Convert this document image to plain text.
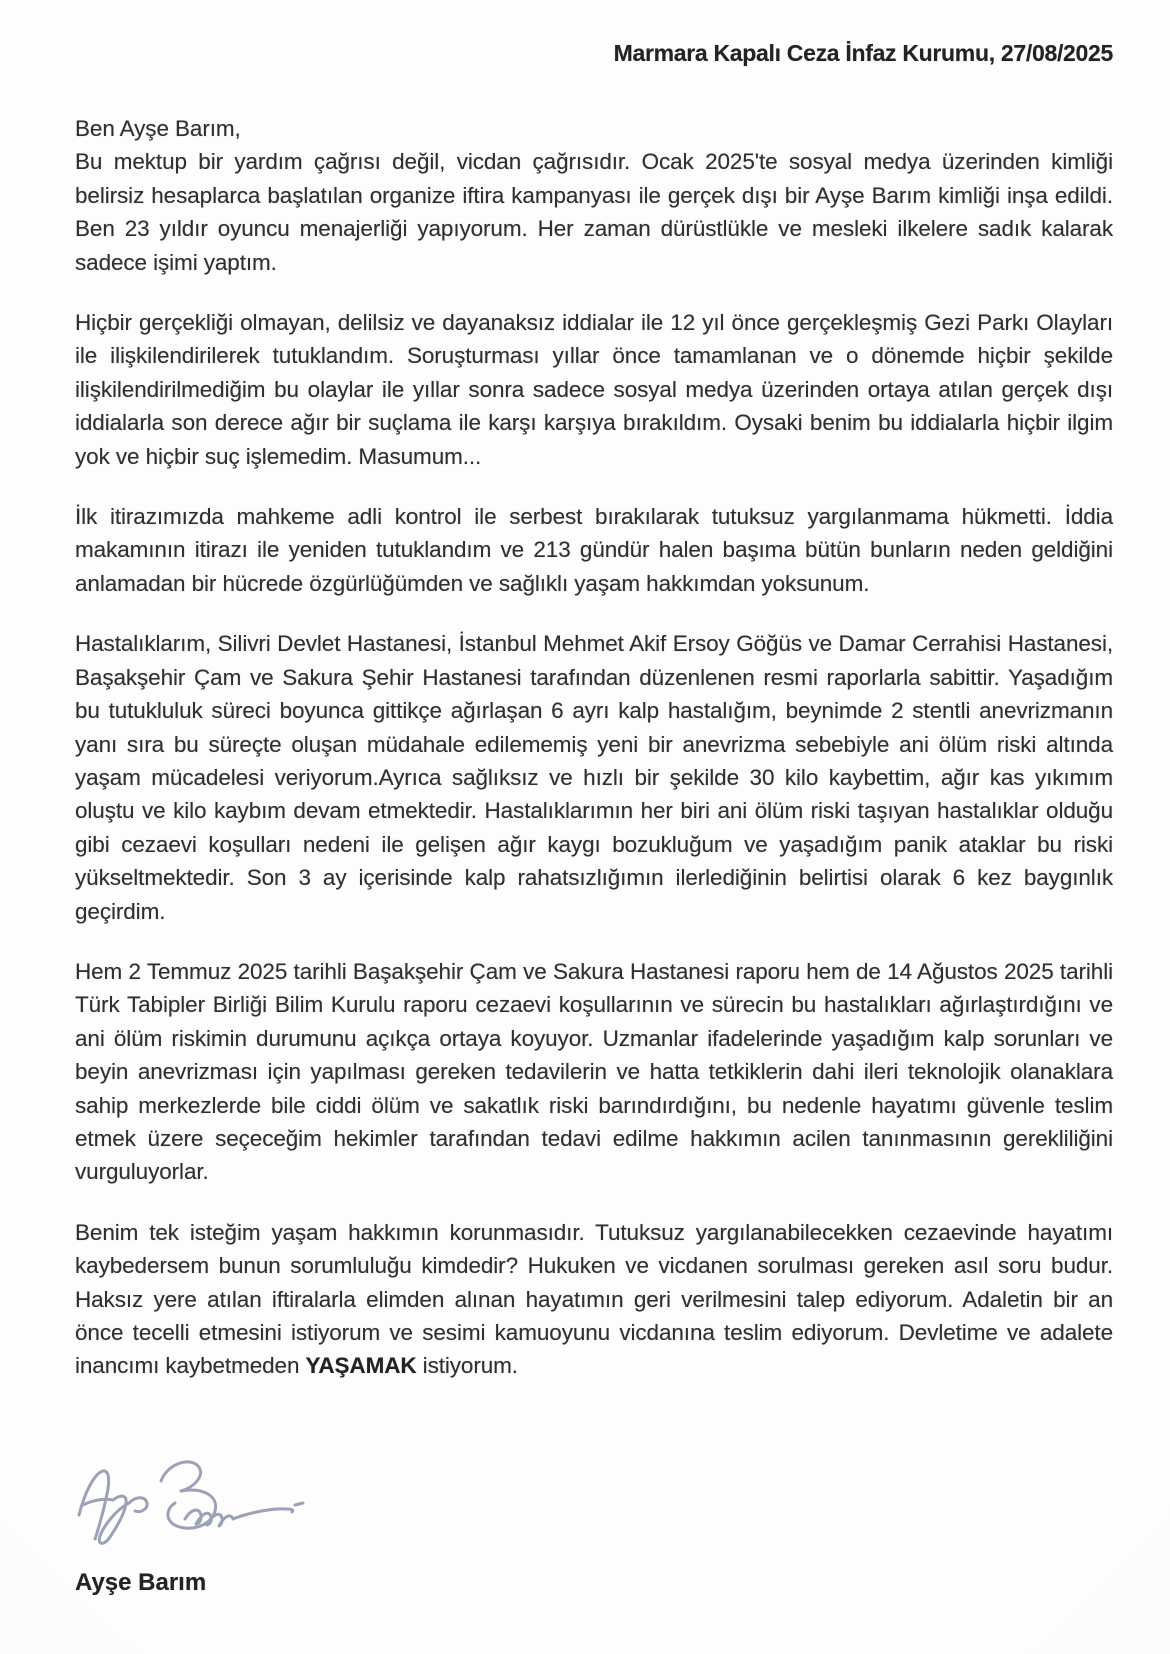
Marmara Kapalı Ceza İnfaz Kurumu, 27/08/2025

Ben Ayşe Barım,
Bu mektup bir yardım çağrısı değil, vicdan çağrısıdır. Ocak 2025'te sosyal medya üzerinden kimliği belirsiz hesaplarca başlatılan organize iftira kampanyası ile gerçek dışı bir Ayşe Barım kimliği inşa edildi. Ben 23 yıldır oyuncu menajerliği yapıyorum. Her zaman dürüstlükle ve mesleki ilkelere sadık kalarak sadece işimi yaptım.

Hiçbir gerçekliği olmayan, delilsiz ve dayanaksız iddialar ile 12 yıl önce gerçekleşmiş Gezi Parkı Olayları ile ilişkilendirilerek tutuklandım. Soruşturması yıllar önce tamamlanan ve o dönemde hiçbir şekilde ilişkilendirilmediğim bu olaylar ile yıllar sonra sadece sosyal medya üzerinden ortaya atılan gerçek dışı iddialarla son derece ağır bir suçlama ile karşı karşıya bırakıldım. Oysaki benim bu iddialarla hiçbir ilgim yok ve hiçbir suç işlemedim. Masumum...

İlk itirazımızda mahkeme adli kontrol ile serbest bırakılarak tutuksuz yargılanmama hükmetti. İddia makamının itirazı ile yeniden tutuklandım ve 213 gündür halen başıma bütün bunların neden geldiğini anlamadan bir hücrede özgürlüğümden ve sağlıklı yaşam hakkımdan yoksunum.

Hastalıklarım, Silivri Devlet Hastanesi, İstanbul Mehmet Akif Ersoy Göğüs ve Damar Cerrahisi Hastanesi, Başakşehir Çam ve Sakura Şehir Hastanesi tarafından düzenlenen resmi raporlarla sabittir. Yaşadığım bu tutukluluk süreci boyunca gittikçe ağırlaşan 6 ayrı kalp hastalığım, beynimde 2 stentli anevrizmanın yanı sıra bu süreçte oluşan müdahale edilememiş yeni bir anevrizma sebebiyle ani ölüm riski altında yaşam mücadelesi veriyorum.Ayrıca sağlıksız ve hızlı bir şekilde 30 kilo kaybettim, ağır kas yıkımım oluştu ve kilo kaybım devam etmektedir. Hastalıklarımın her biri ani ölüm riski taşıyan hastalıklar olduğu gibi cezaevi koşulları nedeni ile gelişen ağır kaygı bozukluğum ve yaşadığım panik ataklar bu riski yükseltmektedir. Son 3 ay içerisinde kalp rahatsızlığımın ilerlediğinin belirtisi olarak 6 kez baygınlık geçirdim.

Hem 2 Temmuz 2025 tarihli Başakşehir Çam ve Sakura Hastanesi raporu hem de 14 Ağustos 2025 tarihli Türk Tabipler Birliği Bilim Kurulu raporu cezaevi koşullarının ve sürecin bu hastalıkları ağırlaştırdığını ve ani ölüm riskimin durumunu açıkça ortaya koyuyor. Uzmanlar ifadelerinde yaşadığım kalp sorunları ve beyin anevrizması için yapılması gereken tedavilerin ve hatta tetkiklerin dahi ileri teknolojik olanaklara sahip merkezlerde bile ciddi ölüm ve sakatlık riski barındırdığını, bu nedenle hayatımı güvenle teslim etmek üzere seçeceğim hekimler tarafından tedavi edilme hakkımın acilen tanınmasının gerekliliğini vurguluyorlar.

Benim tek isteğim yaşam hakkımın korunmasıdır. Tutuksuz yargılanabilecekken cezaevinde hayatımı kaybedersem bunun sorumluluğu kimdedir? Hukuken ve vicdanen sorulması gereken asıl soru budur. Haksız yere atılan iftiralarla elimden alınan hayatımın geri verilmesini talep ediyorum. Adaletin bir an önce tecelli etmesini istiyorum ve sesimi kamuoyunu vicdanına teslim ediyorum. Devletime ve adalete inancımı kaybetmeden YAŞAMAK istiyorum.

Ayşe Barım
